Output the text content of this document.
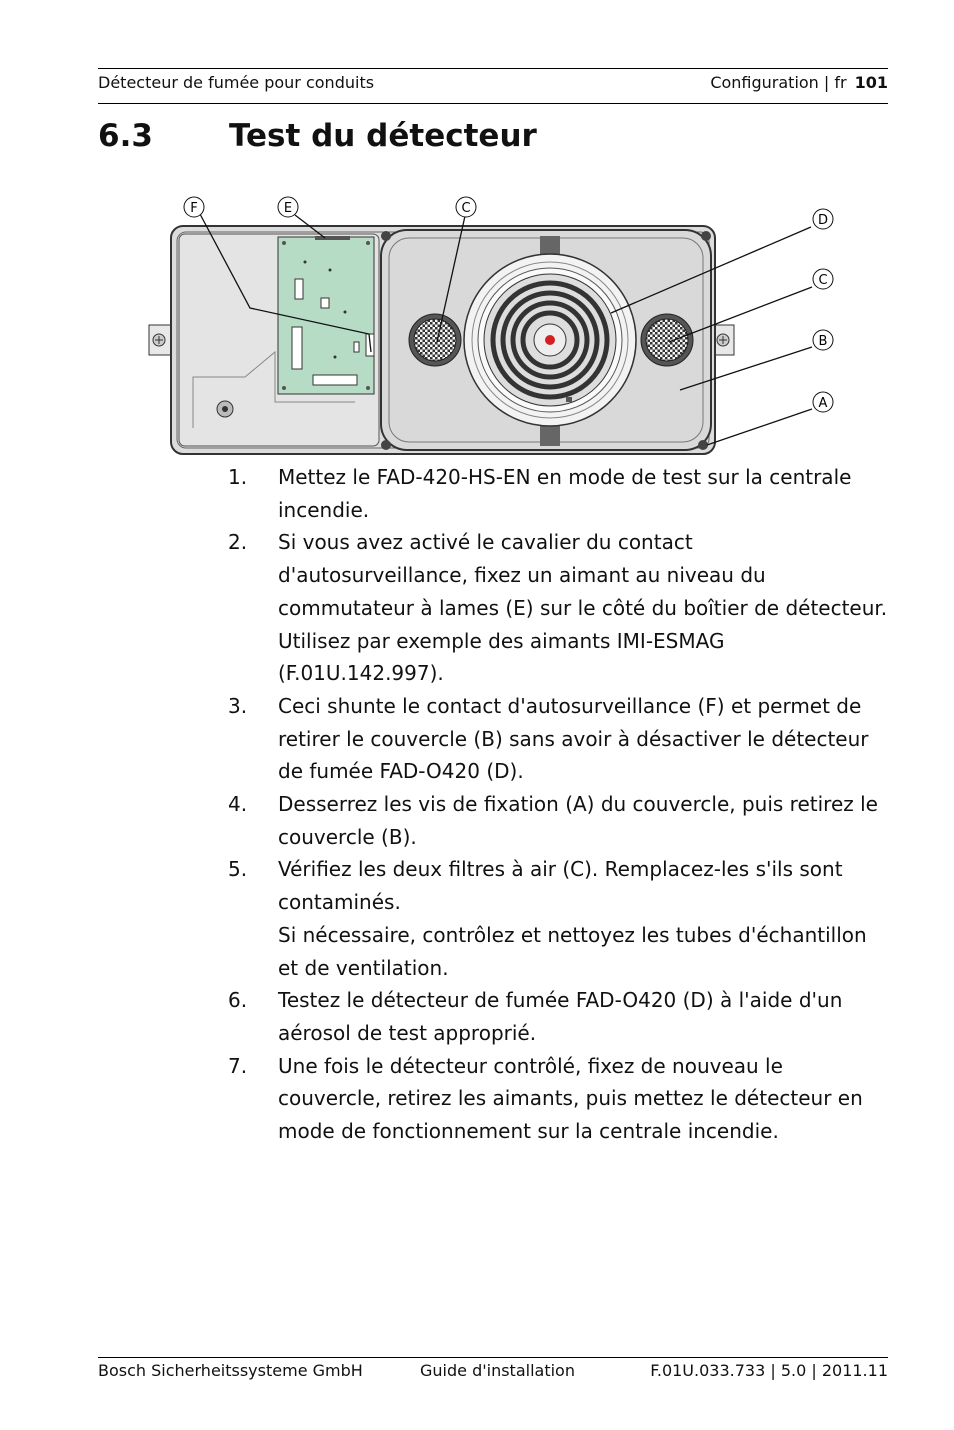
Détecteur de fumée pour conduits	Configuration | fr 101
6.3 Test du détecteur
F	E	C
D
C
B
A
1. Mettez le FAD-420-HS-EN en mode de test sur la centrale incendie.
2. Si vous avez activé le cavalier du contact d'autosurveillance, fixez un aimant au niveau du commutateur à lames (E) sur le côté du boîtier de détecteur.
Utilisez par exemple des aimants IMI-ESMAG (F.01U.142.997).
3. Ceci shunte le contact d'autosurveillance (F) et permet de retirer le couvercle (B) sans avoir à désactiver le détecteur de fumée FAD-O420 (D).
4. Desserrez les vis de fixation (A) du couvercle, puis retirez le couvercle (B).
5. Vérifiez les deux filtres à air (C). Remplacez-les s'ils sont contaminés.
Si nécessaire, contrôlez et nettoyez les tubes d'échantillon et de ventilation.
6. Testez le détecteur de fumée FAD-O420 (D) à l'aide d'un aérosol de test approprié.
7. Une fois le détecteur contrôlé, fixez de nouveau le couvercle, retirez les aimants, puis mettez le détecteur en mode de fonctionnement sur la centrale incendie.
Bosch Sicherheitssysteme GmbH	Guide d'installation	F.01U.033.733 | 5.0 | 2011.11
